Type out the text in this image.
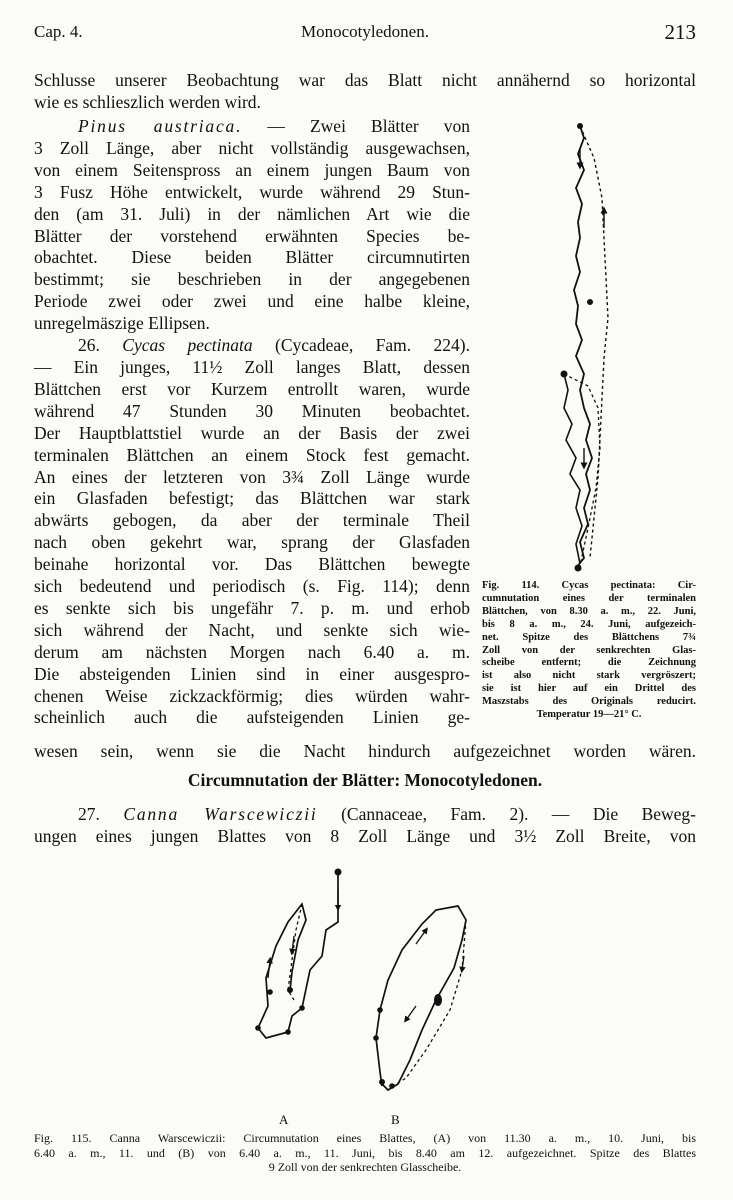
Cap. 4.	Monocotyledonen.	213
Schlusse unserer Beobachtung war das Blatt nicht annähernd so horizontal
wie es schlieszlich werden wird.
Pinus austriaca. — Zwei Blätter von
3 Zoll Länge, aber nicht vollständig ausgewachsen,
von einem Seitenspross an einem jungen Baum von
3 Fusz Höhe entwickelt, wurde während 29 Stun-
den (am 31. Juli) in der nämlichen Art wie die
Blätter der vorstehend erwähnten Species be-
obachtet. Diese beiden Blätter circumnutirten
bestimmt; sie beschrieben in der angegebenen
Periode zwei oder zwei und eine halbe kleine,
unregelmäszige Ellipsen.
26. Cycas pectinata (Cycadeae, Fam. 224).
— Ein junges, 11½ Zoll langes Blatt, dessen
Blättchen erst vor Kurzem entrollt waren, wurde
während 47 Stunden 30 Minuten beobachtet.
Der Hauptblattstiel wurde an der Basis der zwei
terminalen Blättchen an einem Stock fest gemacht.
An eines der letzteren von 3¾ Zoll Länge wurde
ein Glasfaden befestigt; das Blättchen war stark
abwärts gebogen, da aber der terminale Theil
nach oben gekehrt war, sprang der Glasfaden
beinahe horizontal vor. Das Blättchen bewegte
sich bedeutend und periodisch (s. Fig. 114); denn
es senkte sich bis ungefähr 7. p. m. und erhob
sich während der Nacht, und senkte sich wie-
derum am nächsten Morgen nach 6.40 a. m.
Die absteigenden Linien sind in einer ausgespro-
chenen Weise zickzackförmig; dies würden wahr-
scheinlich auch die aufsteigenden Linien ge-
wesen sein, wenn sie die Nacht hindurch aufgezeichnet worden wären.
Fig. 114. Cycas pectinata: Cir-
cumnutation eines der terminalen
Blättchen, von 8.30 a. m., 22. Juni,
bis 8 a. m., 24. Juni, aufgezeich-
net. Spitze des Blättchens 7¾
Zoll von der senkrechten Glas-
scheibe entfernt; die Zeichnung
ist also nicht stark vergröszert;
sie ist hier auf ein Drittel des
Maszstabs des Originals reducirt.
Temperatur 19—21° C.
Circumnutation der Blätter: Monocotyledonen.
27. Canna Warscewiczii (Cannaceae, Fam. 2). — Die Beweg-
ungen eines jungen Blattes von 8 Zoll Länge und 3½ Zoll Breite, von
A	B
Fig. 115. Canna Warscewiczii: Circumnutation eines Blattes, (A) von 11.30 a. m., 10. Juni, bis
6.40 a. m., 11. und (B) von 6.40 a. m., 11. Juni, bis 8.40 am 12. aufgezeichnet. Spitze des Blattes
9 Zoll von der senkrechten Glasscheibe.
